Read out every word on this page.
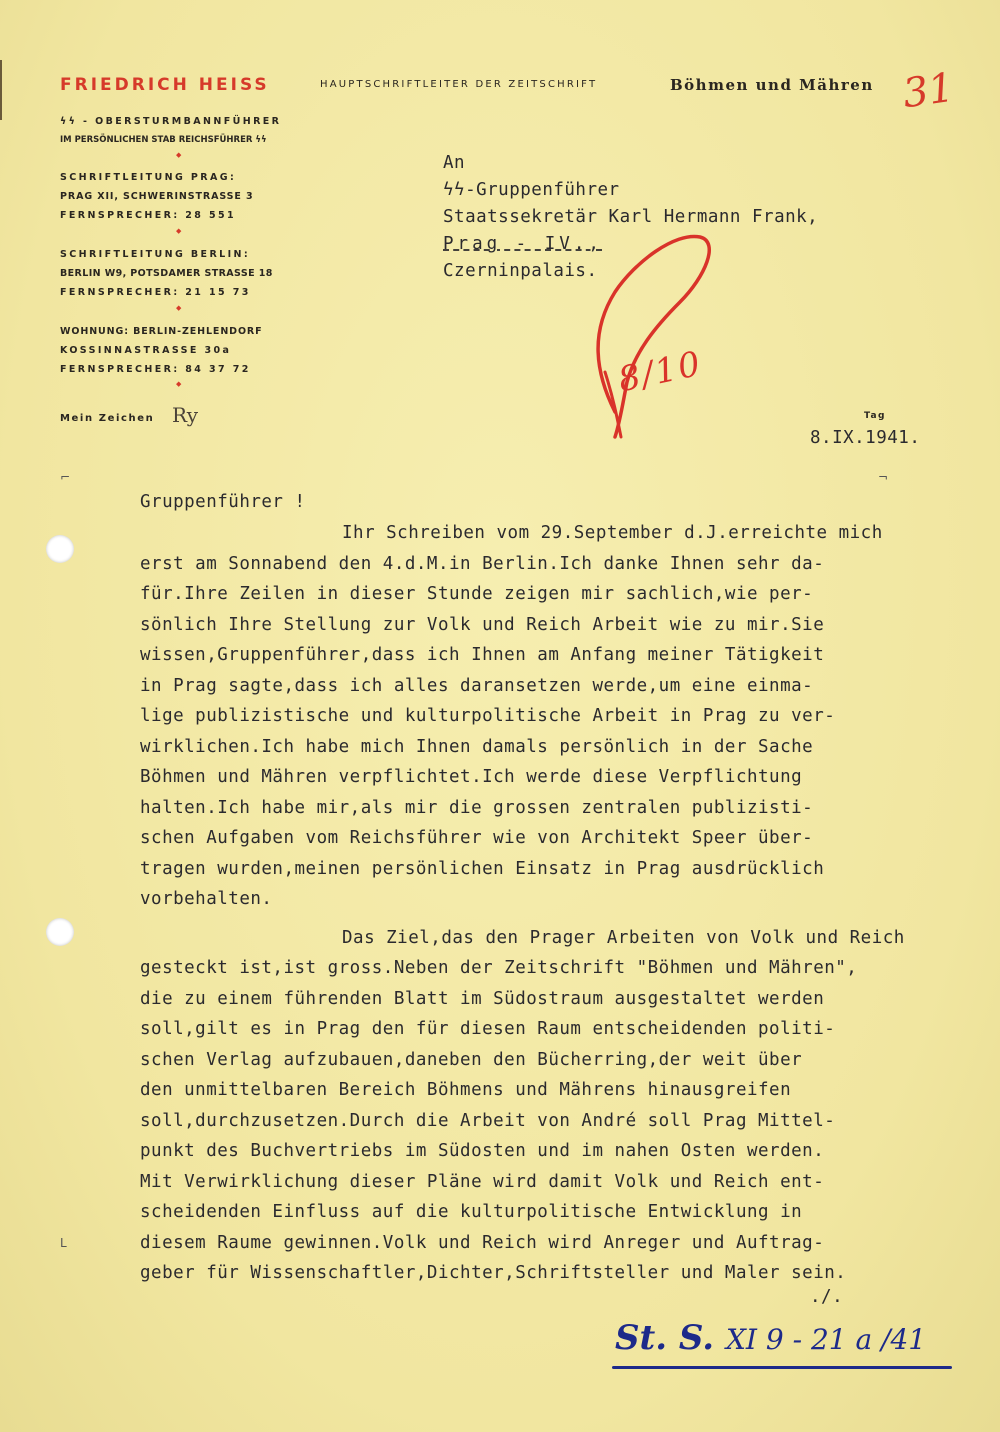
FRIEDRICH HEISS	HAUPTSCHRIFTLEITER DER ZEITSCHRIFT	Böhmen und Mähren 31
ϟϟ - OBERSTURMBANNFÜHRER
IM PERSÖNLICHEN STAB REICHSFÜHRER ϟϟ
◆
SCHRIFTLEITUNG PRAG:
PRAG XII, SCHWERINSTRASSE 3
FERNSPRECHER: 28 551
◆
SCHRIFTLEITUNG BERLIN:
BERLIN W9, POTSDAMER STRASSE 18
FERNSPRECHER: 21 15 73
◆
WOHNUNG: BERLIN-ZEHLENDORF
KOSSINNASTRASSE 30a
FERNSPRECHER: 84 37 72
◆
Mein Zeichen Ry	Tag
An
ϟϟ-Gruppenführer
Staatssekretär Karl Hermann Frank,
Prag - IV.,
Czerninpalais.
8.IX.1941.
⌐	¬
L
Gruppenführer !
Ihr Schreiben vom 29.September d.J.erreichte mich
erst am Sonnabend den 4.d.M.in Berlin.Ich danke Ihnen sehr da-
für.Ihre Zeilen in dieser Stunde zeigen mir sachlich,wie per-
sönlich Ihre Stellung zur Volk und Reich Arbeit wie zu mir.Sie
wissen,Gruppenführer,dass ich Ihnen am Anfang meiner Tätigkeit
in Prag sagte,dass ich alles daransetzen werde,um eine einma-
lige publizistische und kulturpolitische Arbeit in Prag zu ver-
wirklichen.Ich habe mich Ihnen damals persönlich in der Sache
Böhmen und Mähren verpflichtet.Ich werde diese Verpflichtung
halten.Ich habe mir,als mir die grossen zentralen publizisti-
schen Aufgaben vom Reichsführer wie von Architekt Speer über-
tragen wurden,meinen persönlichen Einsatz in Prag ausdrücklich
vorbehalten.
Das Ziel,das den Prager Arbeiten von Volk und Reich
gesteckt ist,ist gross.Neben der Zeitschrift "Böhmen und Mähren",
die zu einem führenden Blatt im Südostraum ausgestaltet werden
soll,gilt es in Prag den für diesen Raum entscheidenden politi-
schen Verlag aufzubauen,daneben den Bücherring,der weit über
den unmittelbaren Bereich Böhmens und Mährens hinausgreifen
soll,durchzusetzen.Durch die Arbeit von André soll Prag Mittel-
punkt des Buchvertriebs im Südosten und im nahen Osten werden.
Mit Verwirklichung dieser Pläne wird damit Volk und Reich ent-
scheidenden Einfluss auf die kulturpolitische Entwicklung in
diesem Raume gewinnen.Volk und Reich wird Anreger und Auftrag-
geber für Wissenschaftler,Dichter,Schriftsteller und Maler sein.
./.
8/10
St. S. XI 9 - 21 a /41
